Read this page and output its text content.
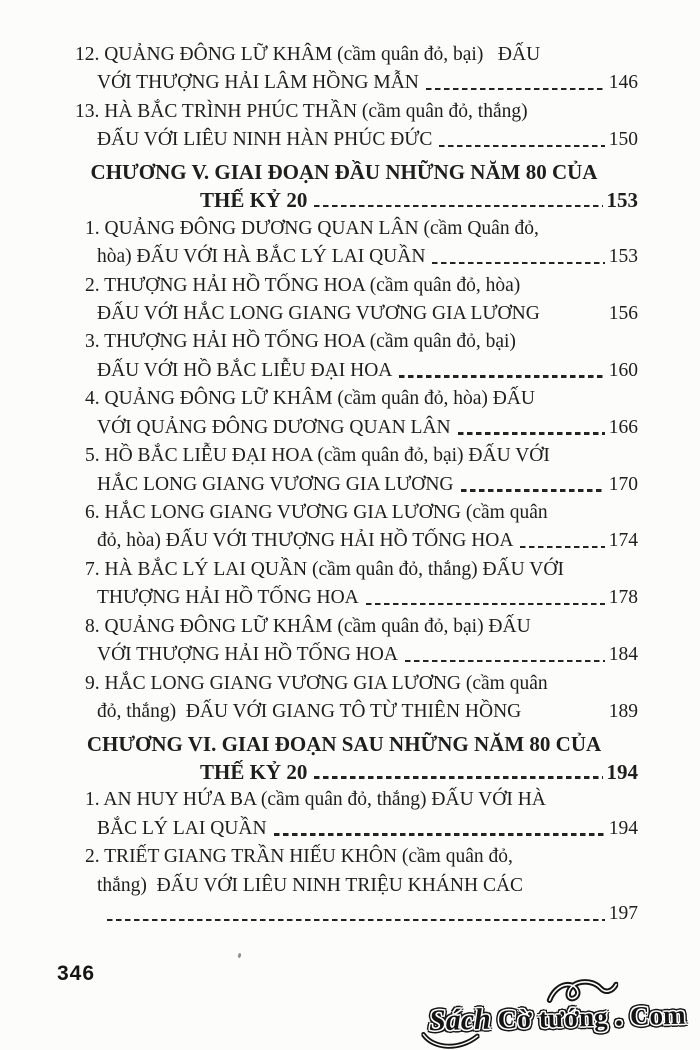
12. QUẢNG ĐÔNG LỮ KHÂM (cầm quân đỏ, bại)   ĐẤU
VỚI THƯỢNG HẢI LÂM HỒNG MẪN	146
13. HÀ BẮC TRÌNH PHÚC THẦN (cầm quân đỏ, thắng)
ĐẤU VỚI LIÊU NINH HÀN PHÚC ĐỨC	150
CHƯƠNG V. GIAI ĐOẠN ĐẦU NHỮNG NĂM 80 CỦA
THẾ KỶ 20	153
1. QUẢNG ĐÔNG DƯƠNG QUAN LÂN (cầm Quân đỏ,
hòa) ĐẤU VỚI HÀ BẮC LÝ LAI QUẦN	153
2. THƯỢNG HẢI HỒ TỐNG HOA (cầm quân đỏ, hòa)
ĐẤU VỚI HẮC LONG GIANG VƯƠNG GIA LƯƠNG	156
3. THƯỢNG HẢI HỒ TỐNG HOA (cầm quân đỏ, bại)
ĐẤU VỚI HỒ BẮC LIỄU ĐẠI HOA	160
4. QUẢNG ĐÔNG LỮ KHÂM (cầm quân đỏ, hòa) ĐẤU
VỚI QUẢNG ĐÔNG DƯƠNG QUAN LÂN	166
5. HỒ BẮC LIỄU ĐẠI HOA (cầm quân đỏ, bại) ĐẤU VỚI
HẮC LONG GIANG VƯƠNG GIA LƯƠNG	170
6. HẮC LONG GIANG VƯƠNG GIA LƯƠNG (cầm quân
đỏ, hòa) ĐẤU VỚI THƯỢNG HẢI HỒ TỐNG HOA	174
7. HÀ BẮC LÝ LAI QUẦN (cầm quân đỏ, thắng) ĐẤU VỚI
THƯỢNG HẢI HỒ TỐNG HOA	178
8. QUẢNG ĐÔNG LỮ KHÂM (cầm quân đỏ, bại) ĐẤU
VỚI THƯỢNG HẢI HỒ TỐNG HOA	184
9. HẮC LONG GIANG VƯƠNG GIA LƯƠNG (cầm quân
đỏ, thắng)  ĐẤU VỚI GIANG TÔ TỪ THIÊN HỒNG	189
CHƯƠNG VI. GIAI ĐOẠN SAU NHỮNG NĂM 80 CỦA
THẾ KỶ 20	194
1. AN HUY HỨA BA (cầm quân đỏ, thắng) ĐẤU VỚI HÀ
BẮC LÝ LAI QUẦN	194
2. TRIẾT GIANG TRẦN HIẾU KHÔN (cầm quân đỏ,
thắng)  ĐẤU VỚI LIÊU NINH TRIỆU KHÁNH CÁC
197
346
Sách Cờ tướng . Com
